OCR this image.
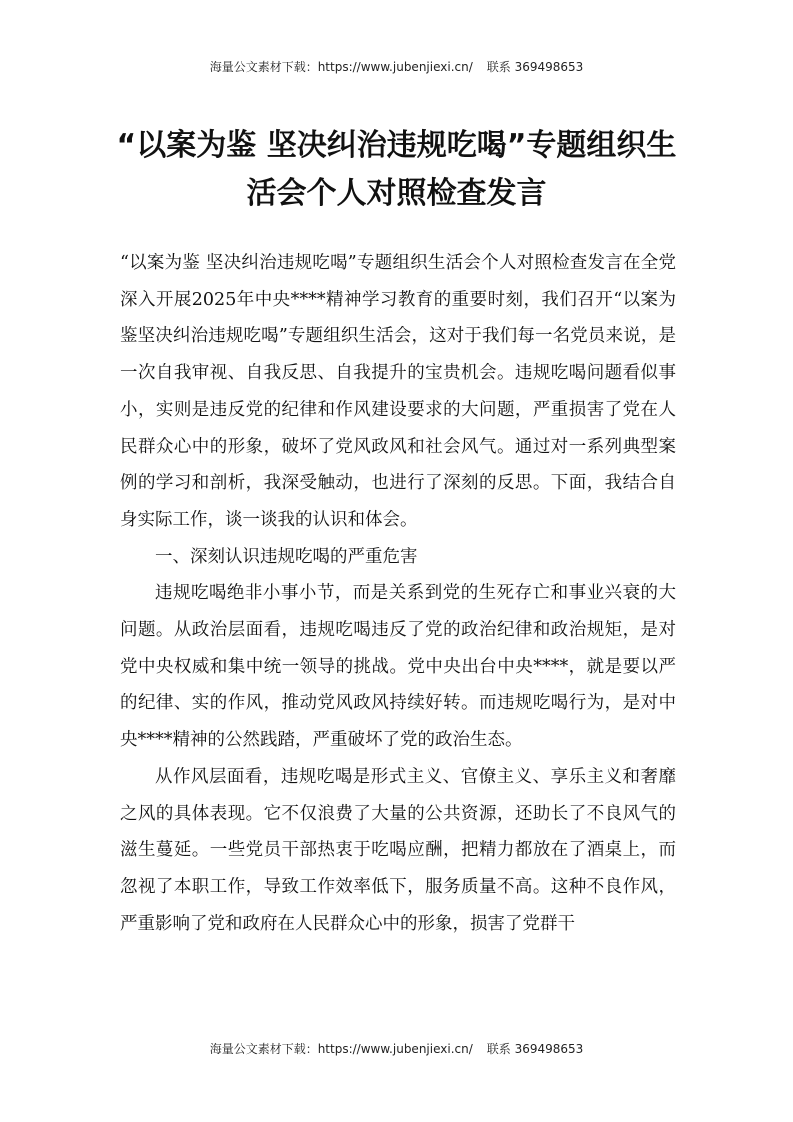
海量公文素材下载：https://www.jubenjiexi.cn/ 联系 369498653
“以案为鉴 坚决纠治违规吃喝”专题组织生
活会个人对照检查发言

“以案为鉴 坚决纠治违规吃喝”专题组织生活会个人对照检查发言在全党深入开展2025年中央****精神学习教育的重要时刻，我们召开“以案为鉴坚决纠治违规吃喝”专题组织生活会，这对于我们每一名党员来说，是一次自我审视、自我反思、自我提升的宝贵机会。违规吃喝问题看似事小，实则是违反党的纪律和作风建设要求的大问题，严重损害了党在人民群众心中的形象，破坏了党风政风和社会风气。通过对一系列典型案例的学习和剖析，我深受触动，也进行了深刻的反思。下面，我结合自身实际工作，谈一谈我的认识和体会。

一、深刻认识违规吃喝的严重危害

违规吃喝绝非小事小节，而是关系到党的生死存亡和事业兴衰的大问题。从政治层面看，违规吃喝违反了党的政治纪律和政治规矩，是对党中央权威和集中统一领导的挑战。党中央出台中央****，就是要以严的纪律、实的作风，推动党风政风持续好转。而违规吃喝行为，是对中央****精神的公然践踏，严重破坏了党的政治生态。

从作风层面看，违规吃喝是形式主义、官僚主义、享乐主义和奢靡之风的具体表现。它不仅浪费了大量的公共资源，还助长了不良风气的滋生蔓延。一些党员干部热衷于吃喝应酬，把精力都放在了酒桌上，而忽视了本职工作，导致工作效率低下，服务质量不高。这种不良作风，严重影响了党和政府在人民群众心中的形象，损害了党群干

海量公文素材下载：https://www.jubenjiexi.cn/ 联系 369498653
